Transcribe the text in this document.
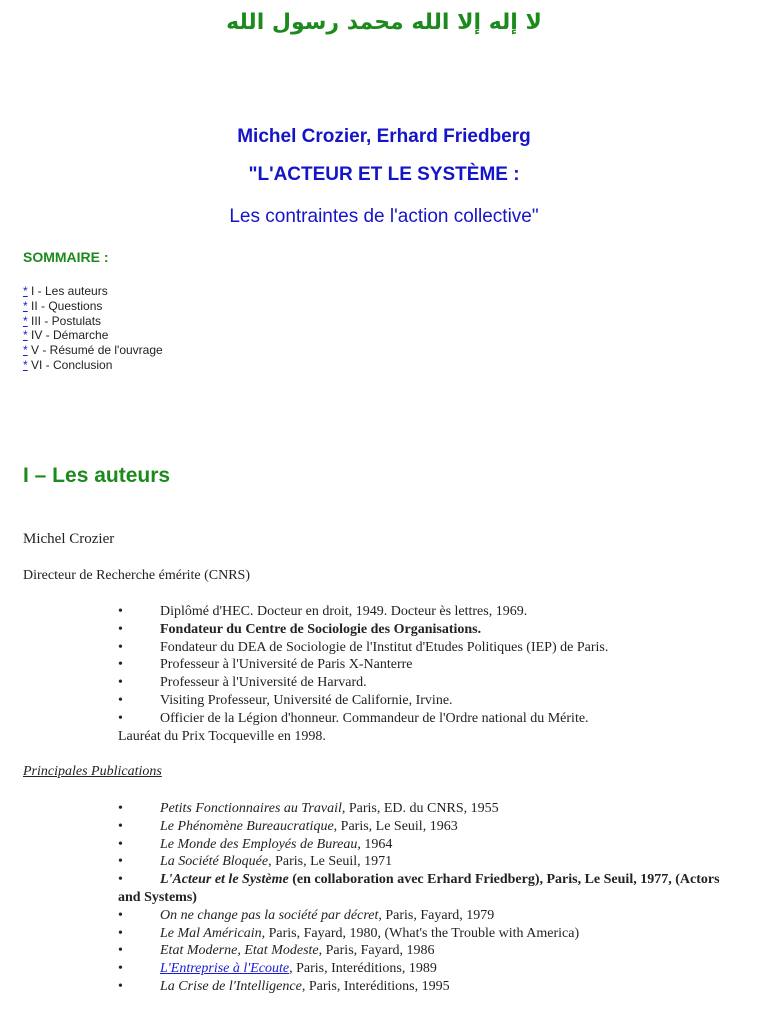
لا إله إلا الله محمد رسول الله
Michel Crozier, Erhard Friedberg
"L'ACTEUR ET LE SYSTÈME :
Les contraintes de l'action collective"
SOMMAIRE :
* I - Les auteurs
* II - Questions
* III - Postulats
* IV - Démarche
* V - Résumé de l'ouvrage
* VI - Conclusion
I – Les auteurs
Michel Crozier
Directeur de Recherche émérite (CNRS)
• Diplômé d'HEC. Docteur en droit, 1949. Docteur ès lettres, 1969.
• Fondateur du Centre de Sociologie des Organisations.
• Fondateur du DEA de Sociologie de l'Institut d'Etudes Politiques (IEP) de Paris.
• Professeur à l'Université de Paris X-Nanterre
• Professeur à l'Université de Harvard.
• Visiting Professeur, Université de Californie, Irvine.
• Officier de la Légion d'honneur. Commandeur de l'Ordre national du Mérite.
Lauréat du Prix Tocqueville en 1998.
Principales Publications
• Petits Fonctionnaires au Travail, Paris, ED. du CNRS, 1955
• Le Phénomène Bureaucratique, Paris, Le Seuil, 1963
• Le Monde des Employés de Bureau, 1964
• La Société Bloquée, Paris, Le Seuil, 1971
• L'Acteur et le Système (en collaboration avec Erhard Friedberg), Paris, Le Seuil, 1977, (Actors and Systems)
• On ne change pas la société par décret, Paris, Fayard, 1979
• Le Mal Américain, Paris, Fayard, 1980, (What's the Trouble with America)
• Etat Moderne, Etat Modeste, Paris, Fayard, 1986
• L'Entreprise à l'Ecoute, Paris, Interéditions, 1989
• La Crise de l'Intelligence, Paris, Interéditions, 1995
